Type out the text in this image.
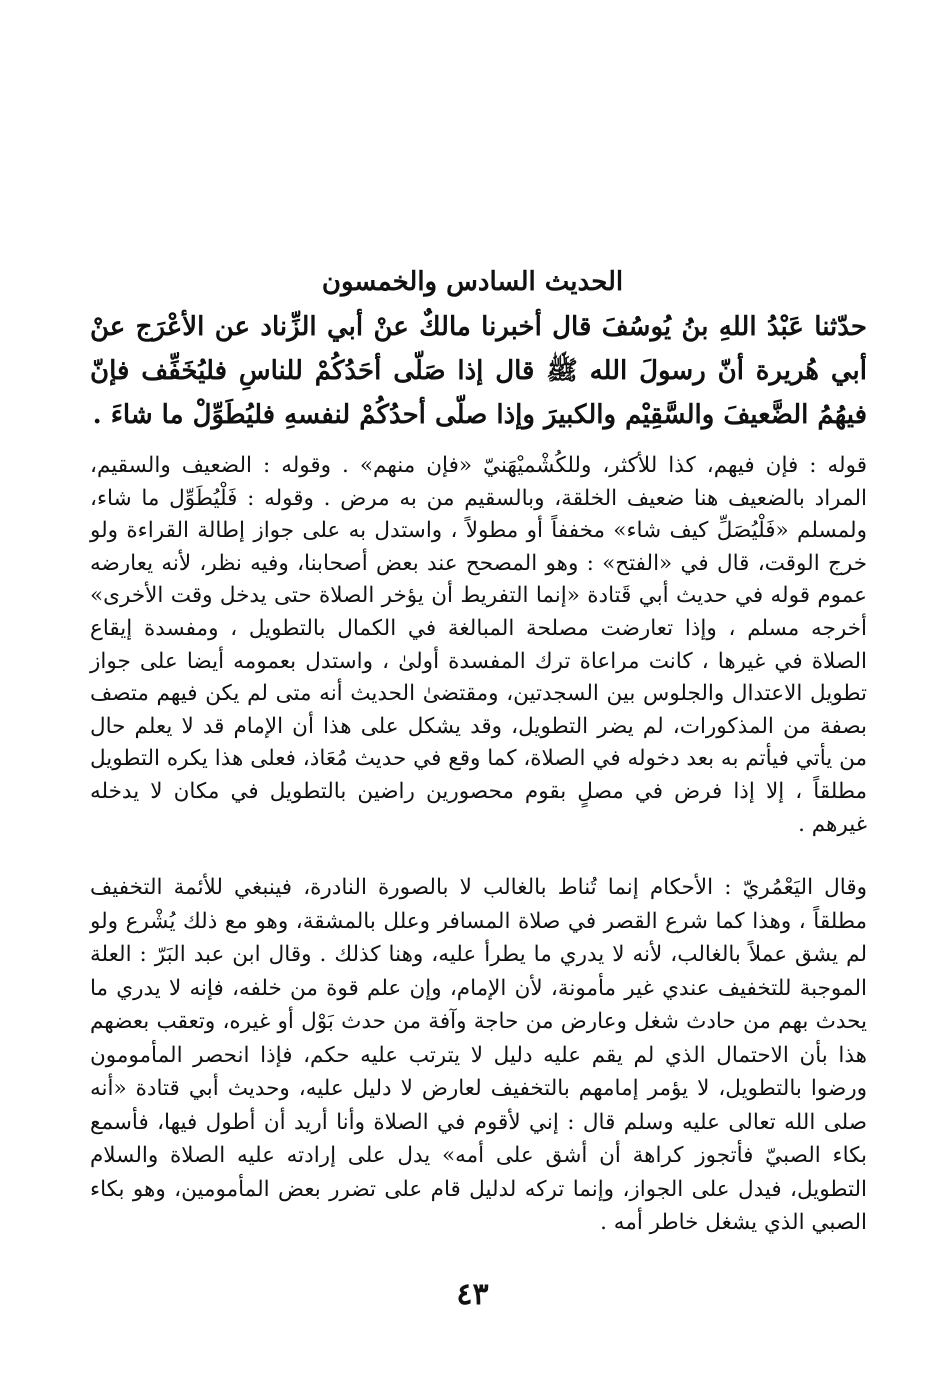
الحديث السادس والخمسون

حدّثنا عَبْدُ اللهِ بنُ يُوسُفَ قال أخبرنا مالكٌ عنْ أبي الزِّناد عن الأعْرَج عنْ أبي هُريرة أنّ رسولَ الله ﷺ قال إذا صَلّى أحَدُكُمْ للناسِ فليُخَفِّف فإنّ فيهُمُ الضَّعيفَ والسَّقِيْم والكبيرَ وإذا صلّى أحدُكُمْ لنفسهِ فليُطَوِّلْ ما شاءَ .

قوله : فإن فيهم، كذا للأكثر، وللكُشْميْهَنيّ «فإن منهم» . وقوله : الضعيف والسقيم، المراد بالضعيف هنا ضعيف الخلقة، وبالسقيم من به مرض . وقوله : فَلْيُطَوِّل ما شاء، ولمسلم «فَلْيُصَلِّ كيف شاء» مخففاً أو مطولاً ، واستدل به على جواز إطالة القراءة ولو خرج الوقت، قال في «الفتح» : وهو المصحح عند بعض أصحابنا، وفيه نظر، لأنه يعارضه عموم قوله في حديث أبي قَتادة «إنما التفريط أن يؤخر الصلاة حتى يدخل وقت الأخرى» أخرجه مسلم ، وإذا تعارضت مصلحة المبالغة في الكمال بالتطويل ، ومفسدة إيقاع الصلاة في غيرها ، كانت مراعاة ترك المفسدة أولىٰ ، واستدل بعمومه أيضا على جواز تطويل الاعتدال والجلوس بين السجدتين، ومقتضىٰ الحديث أنه متى لم يكن فيهم متصف بصفة من المذكورات، لم يضر التطويل، وقد يشكل على هذا أن الإمام قد لا يعلم حال من يأتي فيأتم به بعد دخوله في الصلاة، كما وقع في حديث مُعَاذ، فعلى هذا يكره التطويل مطلقاً ، إلا إذا فرض في مصلٍ بقوم محصورين راضين بالتطويل في مكان لا يدخله غيرهم .

وقال اليَعْمُريّ : الأحكام إنما تُناط بالغالب لا بالصورة النادرة، فينبغي للأئمة التخفيف مطلقاً ، وهذا كما شرع القصر في صلاة المسافر وعلل بالمشقة، وهو مع ذلك يُشْرع ولو لم يشق عملاً بالغالب، لأنه لا يدري ما يطرأ عليه، وهنا كذلك . وقال ابن عبد البَرّ : العلة الموجبة للتخفيف عندي غير مأمونة، لأن الإمام، وإن علم قوة من خلفه، فإنه لا يدري ما يحدث بهم من حادث شغل وعارض من حاجة وآفة من حدث بَوْل أو غيره، وتعقب بعضهم هذا بأن الاحتمال الذي لم يقم عليه دليل لا يترتب عليه حكم، فإذا انحصر المأمومون ورضوا بالتطويل، لا يؤمر إمامهم بالتخفيف لعارض لا دليل عليه، وحديث أبي قتادة «أنه صلى الله تعالى عليه وسلم قال : إني لأقوم في الصلاة وأنا أريد أن أطول فيها، فأسمع بكاء الصبيّ فأتجوز كراهة أن أشق على أمه» يدل على إرادته عليه الصلاة والسلام التطويل، فيدل على الجواز، وإنما تركه لدليل قام على تضرر بعض المأمومين، وهو بكاء الصبي الذي يشغل خاطر أمه .

٤٣
